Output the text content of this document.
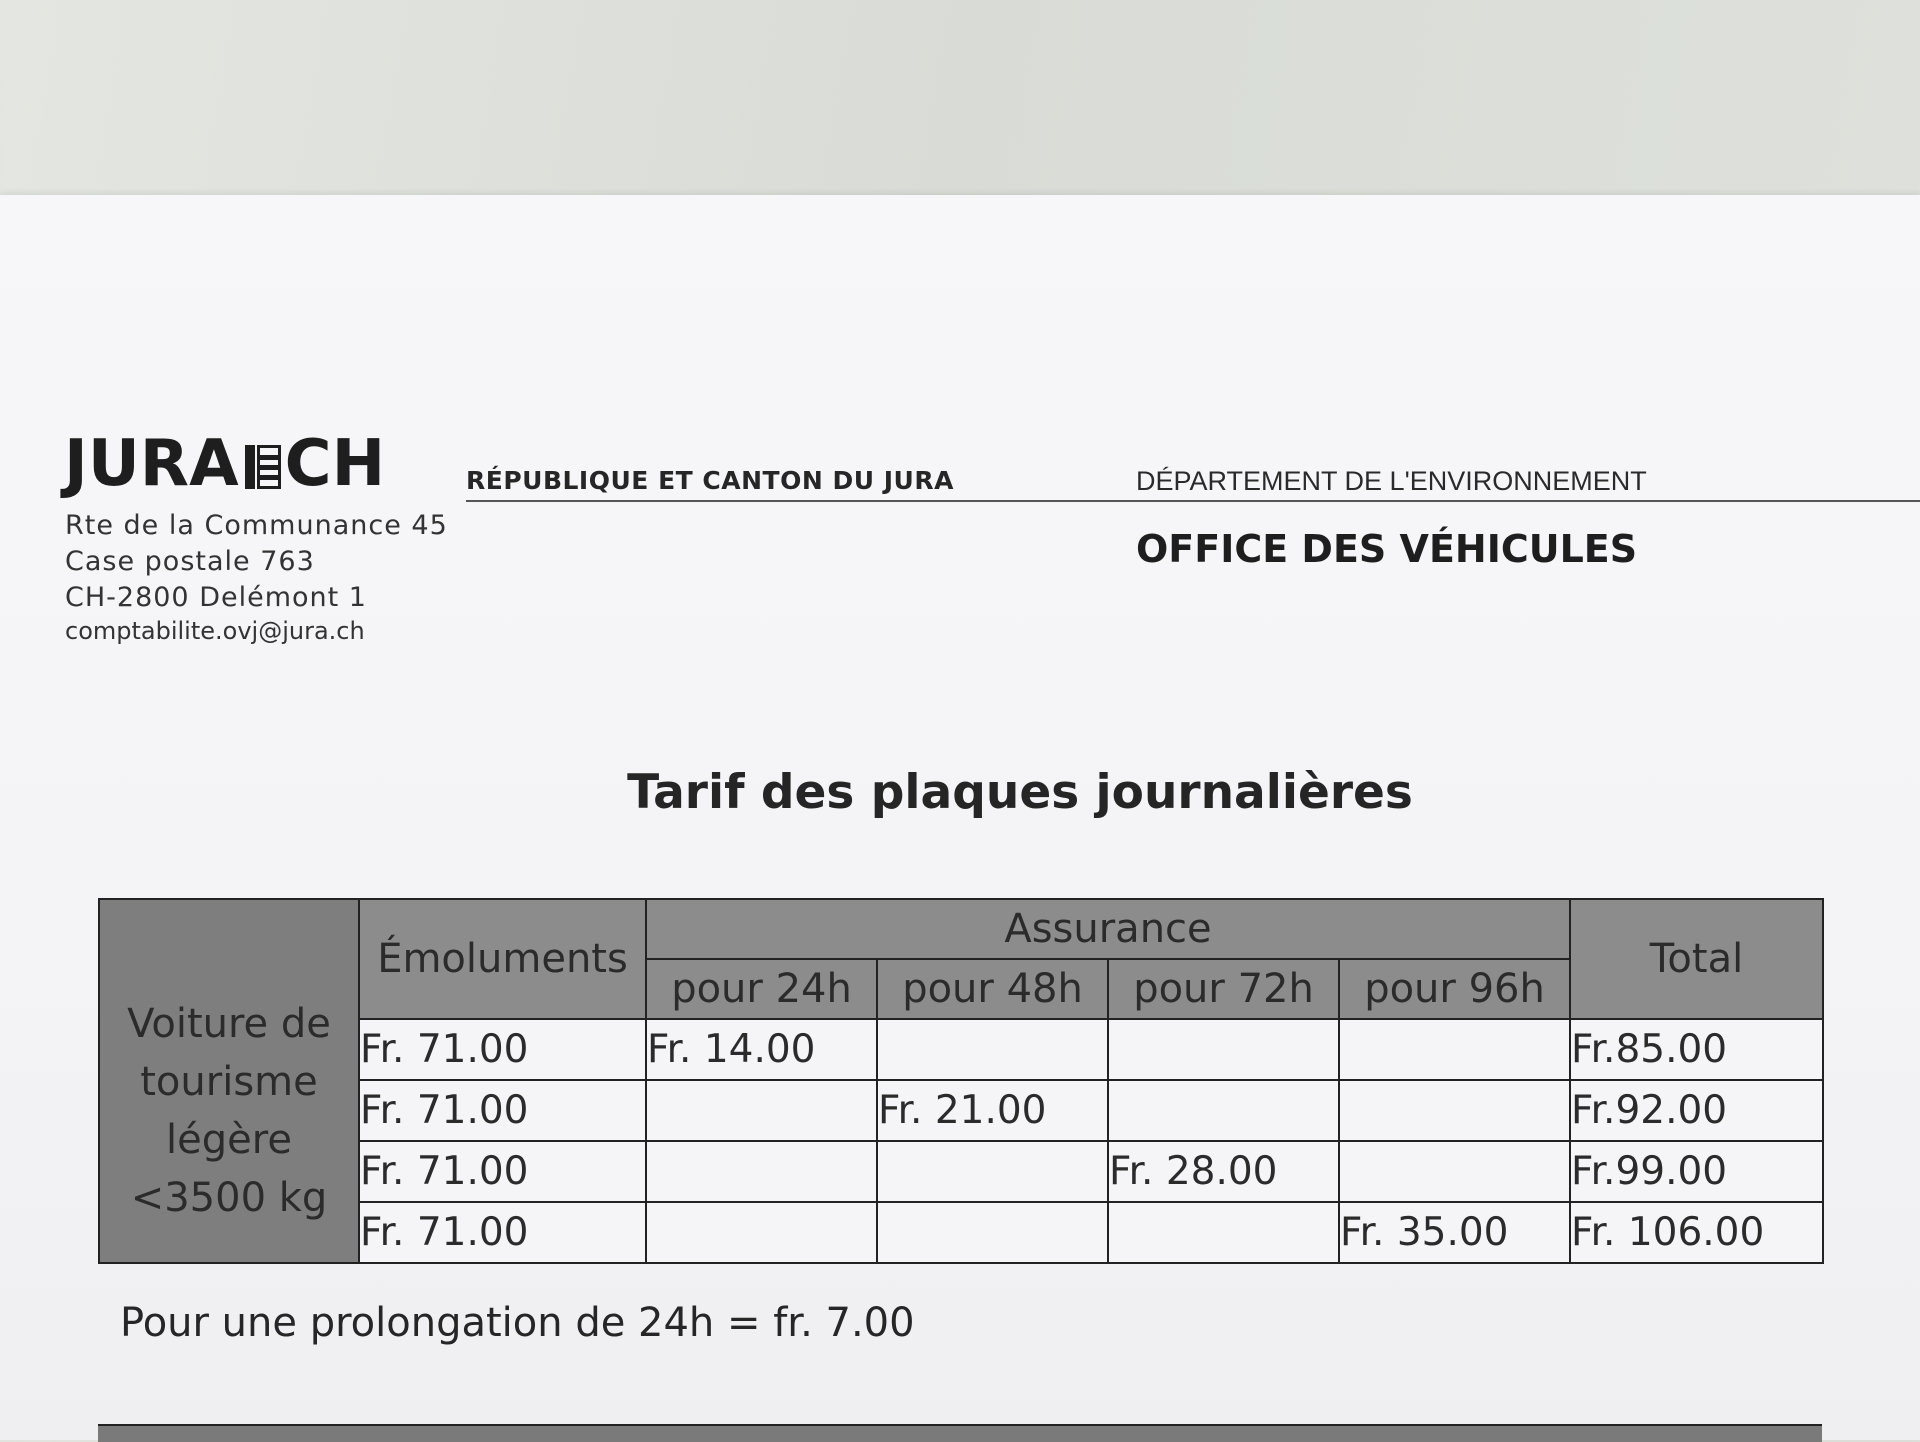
JURA CH	RÉPUBLIQUE ET CANTON DU JURA	DÉPARTEMENT DE L'ENVIRONNEMENT
OFFICE DES VÉHICULES
Rte de la Communance 45
Case postale 763
CH-2800 Delémont 1
comptabilite.ovj@jura.ch
Tarif des plaques journalières
Voiture de
tourisme
légère
<3500 kg	Émoluments	Assurance				Total
		pour 24h	pour 48h	pour 72h	pour 96h	
	Fr. 71.00	Fr. 14.00				Fr.85.00
	Fr. 71.00		Fr. 21.00			Fr.92.00
	Fr. 71.00			Fr. 28.00		Fr.99.00
	Fr. 71.00				Fr. 35.00	Fr. 106.00
Pour une prolongation de 24h = fr. 7.00
